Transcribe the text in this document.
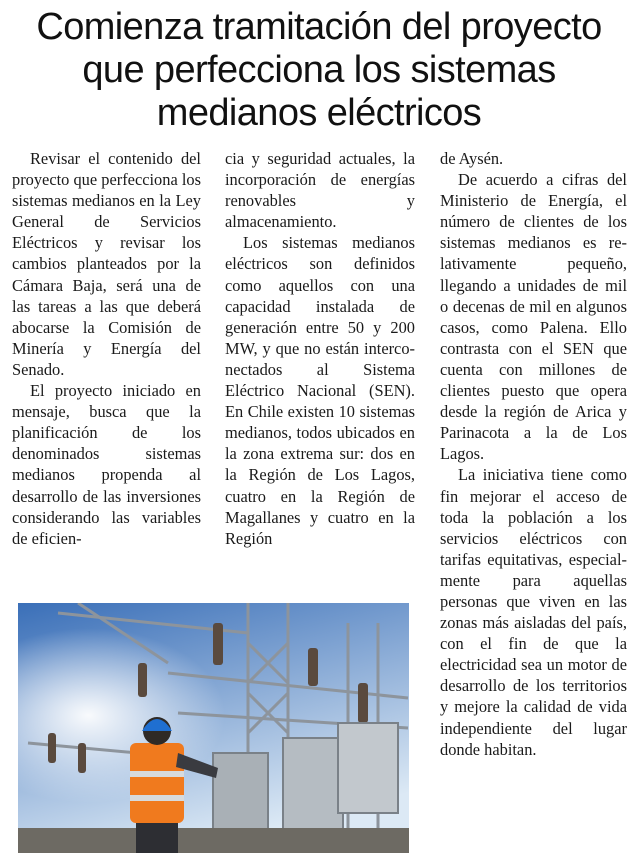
Comienza tramitación del proyecto que perfecciona los sistemas medianos eléctricos

Revisar el contenido del proyecto que perfecciona los sistemas medianos en la Ley General de Servicios Eléctricos y revisar los cambios planteados por la Cámara Baja, será una de las tareas a las que deberá abocarse la Comisión de Minería y Energía del Senado.

El proyecto iniciado en mensaje, busca que la planificación de los denominados sistemas medianos propenda al desarrollo de las inversiones considerando las variables de eficien-

cia y seguridad actuales, la incorporación de energías renovables y almacenamiento.

Los sistemas medianos eléctricos son definidos como aquellos con una capacidad instalada de generación entre 50 y 200 MW, y que no están interconectados al Sistema Eléctrico Nacional (SEN). En Chile existen 10 sistemas medianos, todos ubicados en la zona extrema sur: dos en la Región de Los Lagos, cuatro en la Región de Magallanes y cuatro en la Región

de Aysén.

De acuerdo a cifras del Ministerio de Energía, el número de clientes de los sistemas medianos es relativamente pequeño, llegando a unidades de mil o decenas de mil en algunos casos, como Palena. Ello contrasta con el SEN que cuenta con millones de clientes puesto que opera desde la región de Arica y Parinacota a la de Los Lagos.

La iniciativa tiene como fin mejorar el acceso de toda la población a los servicios eléctricos con tarifas equitativas, especialmente para aquellas personas que viven en las zonas más aisladas del país, con el fin de que la electricidad sea un motor de desarrollo de los territorios y mejore la calidad de vida independiente del lugar donde habitan.
